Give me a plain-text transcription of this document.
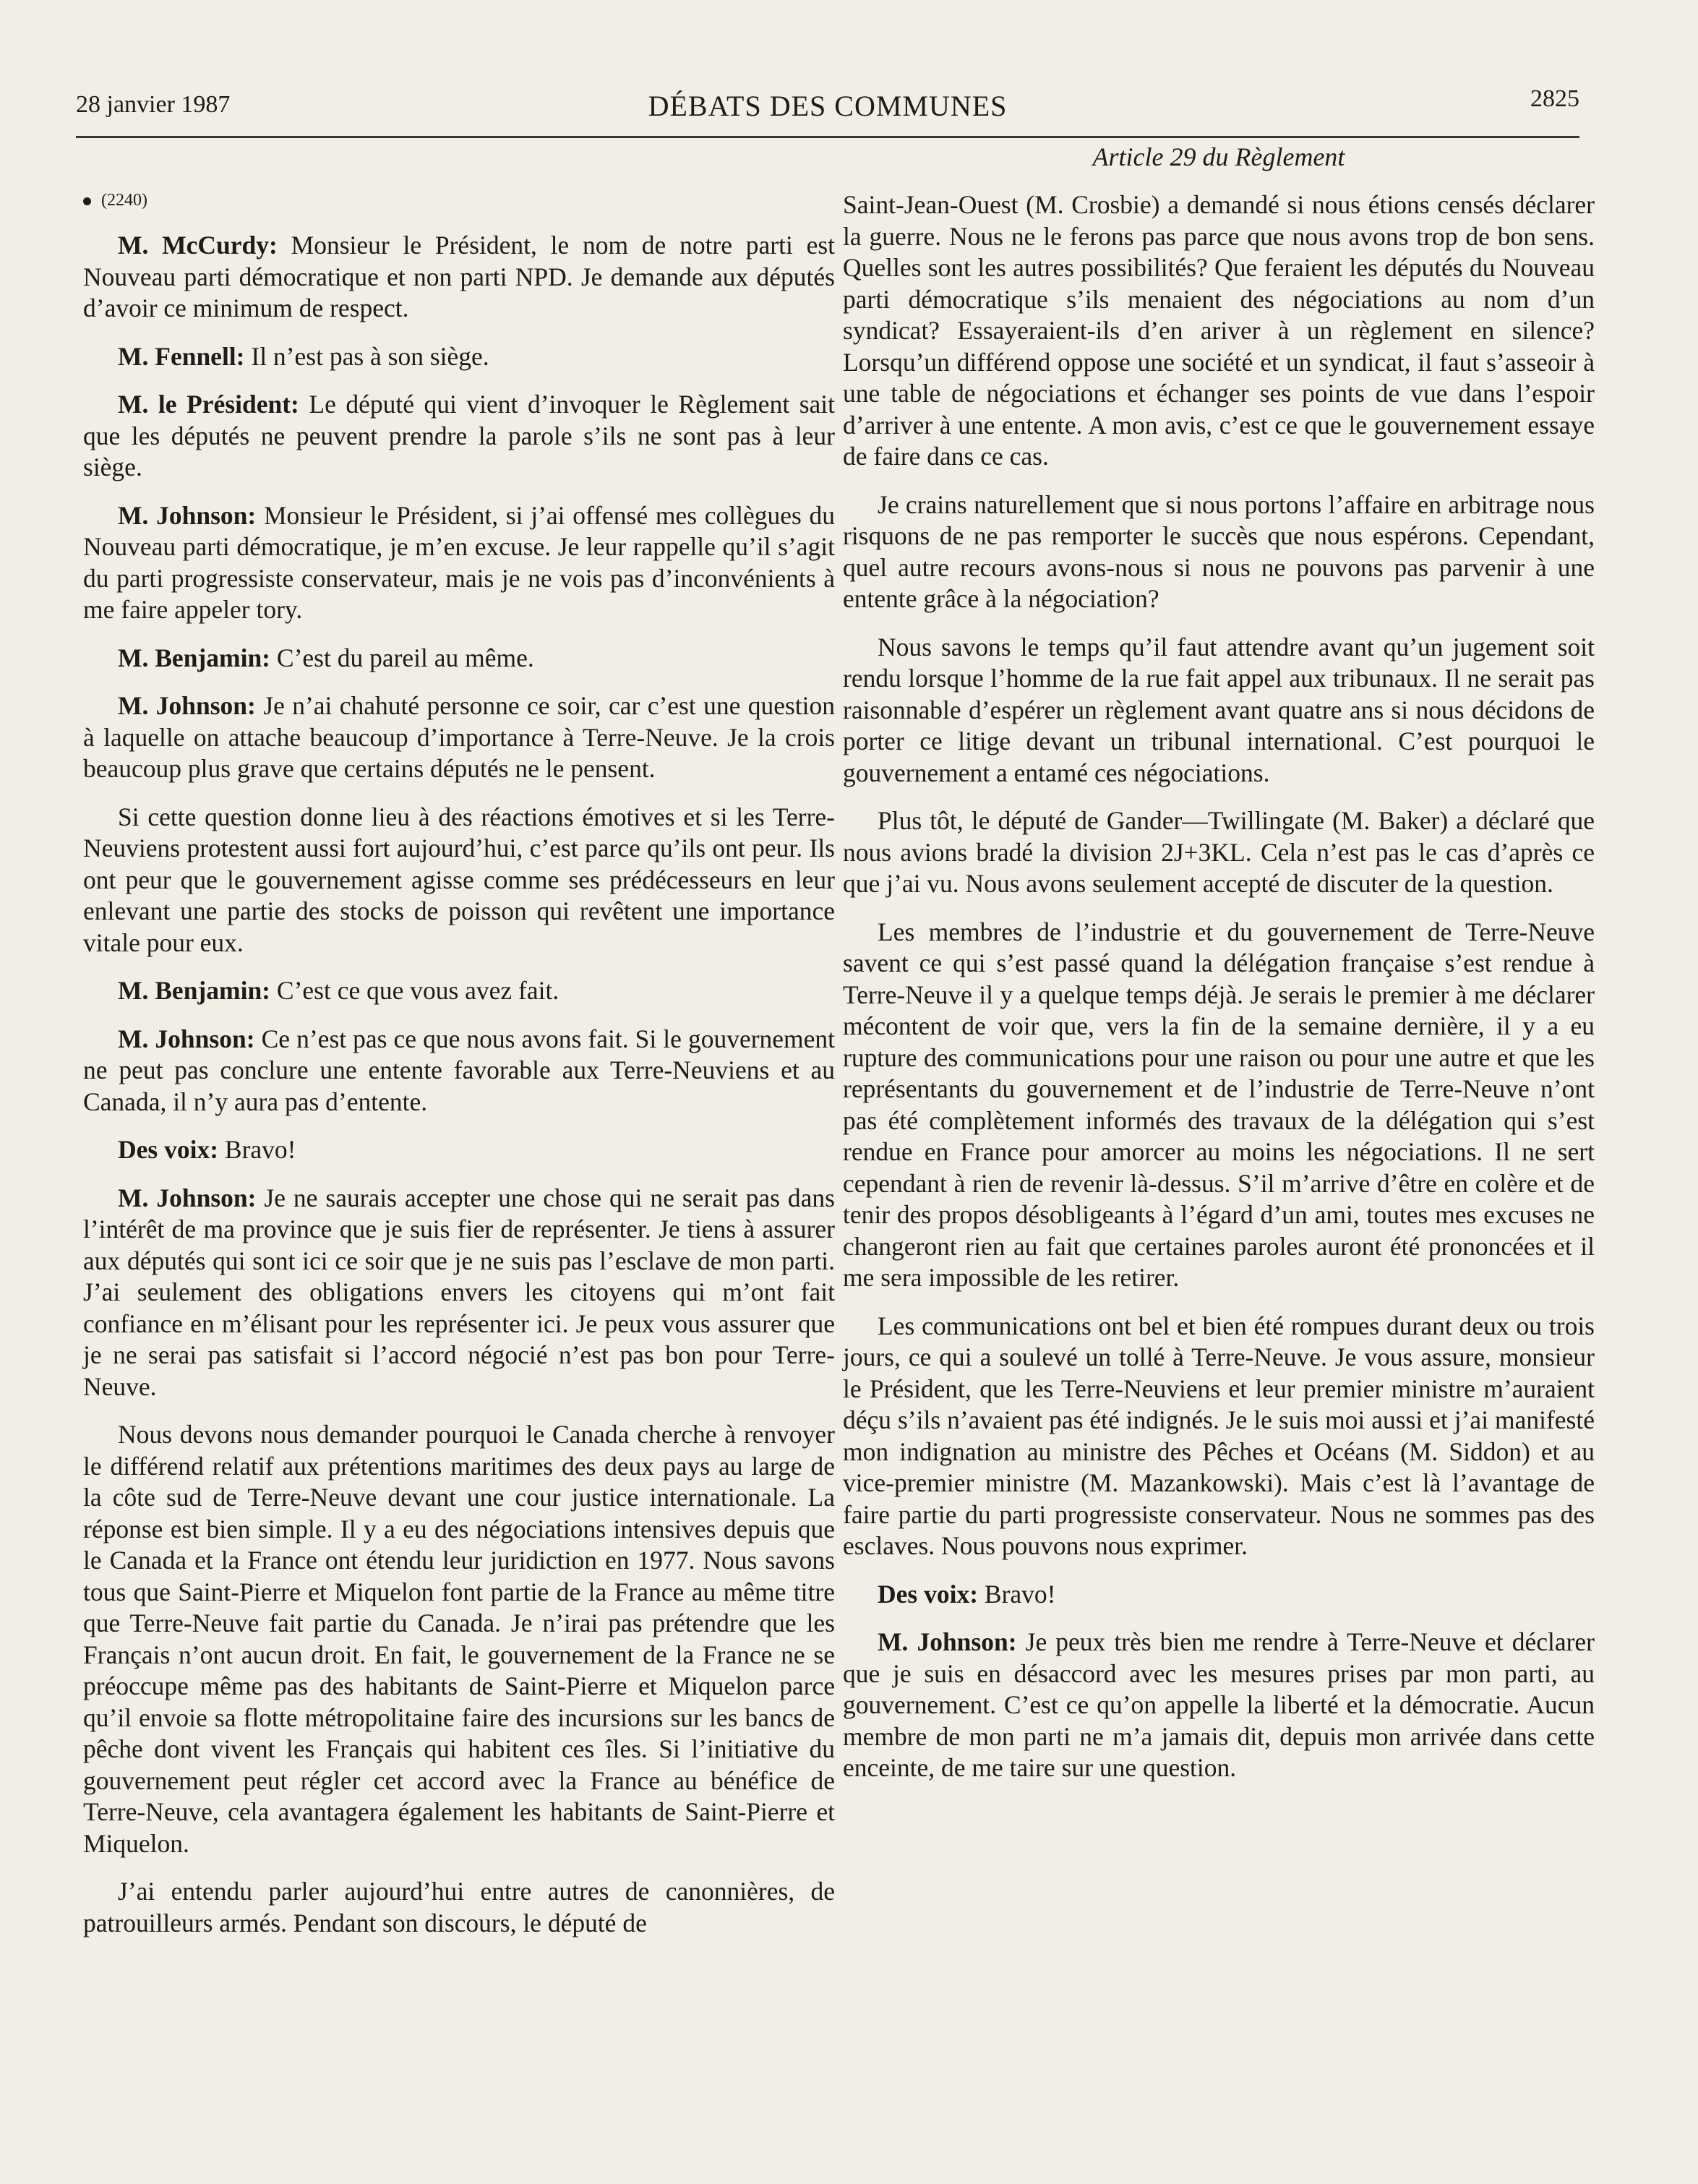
28 janvier 1987	DÉBATS DES COMMUNES	2825
Article 29 du Règlement
(2240)

M. McCurdy: Monsieur le Président, le nom de notre parti est Nouveau parti démocratique et non parti NPD. Je demande aux députés d’avoir ce minimum de respect.

M. Fennell: Il n’est pas à son siège.

M. le Président: Le député qui vient d’invoquer le Règlement sait que les députés ne peuvent prendre la parole s’ils ne sont pas à leur siège.

M. Johnson: Monsieur le Président, si j’ai offensé mes collègues du Nouveau parti démocratique, je m’en excuse. Je leur rappelle qu’il s’agit du parti progressiste conservateur, mais je ne vois pas d’inconvénients à me faire appeler tory.

M. Benjamin: C’est du pareil au même.

M. Johnson: Je n’ai chahuté personne ce soir, car c’est une question à laquelle on attache beaucoup d’importance à Terre-Neuve. Je la crois beaucoup plus grave que certains députés ne le pensent.

Si cette question donne lieu à des réactions émotives et si les Terre-Neuviens protestent aussi fort aujourd’hui, c’est parce qu’ils ont peur. Ils ont peur que le gouvernement agisse comme ses prédécesseurs en leur enlevant une partie des stocks de poisson qui revêtent une importance vitale pour eux.

M. Benjamin: C’est ce que vous avez fait.

M. Johnson: Ce n’est pas ce que nous avons fait. Si le gouvernement ne peut pas conclure une entente favorable aux Terre-Neuviens et au Canada, il n’y aura pas d’entente.

Des voix: Bravo!

M. Johnson: Je ne saurais accepter une chose qui ne serait pas dans l’intérêt de ma province que je suis fier de représenter. Je tiens à assurer aux députés qui sont ici ce soir que je ne suis pas l’esclave de mon parti. J’ai seulement des obligations envers les citoyens qui m’ont fait confiance en m’élisant pour les représenter ici. Je peux vous assurer que je ne serai pas satisfait si l’accord négocié n’est pas bon pour Terre-Neuve.

Nous devons nous demander pourquoi le Canada cherche à renvoyer le différend relatif aux prétentions maritimes des deux pays au large de la côte sud de Terre-Neuve devant une cour justice internationale. La réponse est bien simple. Il y a eu des négociations intensives depuis que le Canada et la France ont étendu leur juridiction en 1977. Nous savons tous que Saint-Pierre et Miquelon font partie de la France au même titre que Terre-Neuve fait partie du Canada. Je n’irai pas prétendre que les Français n’ont aucun droit. En fait, le gouvernement de la France ne se préoccupe même pas des habitants de Saint-Pierre et Miquelon parce qu’il envoie sa flotte métropolitaine faire des incursions sur les bancs de pêche dont vivent les Français qui habitent ces îles. Si l’initiative du gouvernement peut régler cet accord avec la France au bénéfice de Terre-Neuve, cela avantagera également les habitants de Saint-Pierre et Miquelon.

J’ai entendu parler aujourd’hui entre autres de canonnières, de patrouilleurs armés. Pendant son discours, le député de

Saint-Jean-Ouest (M. Crosbie) a demandé si nous étions censés déclarer la guerre. Nous ne le ferons pas parce que nous avons trop de bon sens. Quelles sont les autres possibilités? Que feraient les députés du Nouveau parti démocratique s’ils menaient des négociations au nom d’un syndicat? Essayeraient-ils d’en ariver à un règlement en silence? Lorsqu’un différend oppose une société et un syndicat, il faut s’asseoir à une table de négociations et échanger ses points de vue dans l’espoir d’arriver à une entente. A mon avis, c’est ce que le gouvernement essaye de faire dans ce cas.

Je crains naturellement que si nous portons l’affaire en arbitrage nous risquons de ne pas remporter le succès que nous espérons. Cependant, quel autre recours avons-nous si nous ne pouvons pas parvenir à une entente grâce à la négociation?

Nous savons le temps qu’il faut attendre avant qu’un jugement soit rendu lorsque l’homme de la rue fait appel aux tribunaux. Il ne serait pas raisonnable d’espérer un règlement avant quatre ans si nous décidons de porter ce litige devant un tribunal international. C’est pourquoi le gouvernement a entamé ces négociations.

Plus tôt, le député de Gander—Twillingate (M. Baker) a déclaré que nous avions bradé la division 2J+3KL. Cela n’est pas le cas d’après ce que j’ai vu. Nous avons seulement accepté de discuter de la question.

Les membres de l’industrie et du gouvernement de Terre-Neuve savent ce qui s’est passé quand la délégation française s’est rendue à Terre-Neuve il y a quelque temps déjà. Je serais le premier à me déclarer mécontent de voir que, vers la fin de la semaine dernière, il y a eu rupture des communications pour une raison ou pour une autre et que les représentants du gouvernement et de l’industrie de Terre-Neuve n’ont pas été complètement informés des travaux de la délégation qui s’est rendue en France pour amorcer au moins les négociations. Il ne sert cependant à rien de revenir là-dessus. S’il m’arrive d’être en colère et de tenir des propos désobligeants à l’égard d’un ami, toutes mes excuses ne changeront rien au fait que certaines paroles auront été prononcées et il me sera impossible de les retirer.

Les communications ont bel et bien été rompues durant deux ou trois jours, ce qui a soulevé un tollé à Terre-Neuve. Je vous assure, monsieur le Président, que les Terre-Neuviens et leur premier ministre m’auraient déçu s’ils n’avaient pas été indignés. Je le suis moi aussi et j’ai manifesté mon indignation au ministre des Pêches et Océans (M. Siddon) et au vice-premier ministre (M. Mazankowski). Mais c’est là l’avantage de faire partie du parti progressiste conservateur. Nous ne sommes pas des esclaves. Nous pouvons nous exprimer.

Des voix: Bravo!

M. Johnson: Je peux très bien me rendre à Terre-Neuve et déclarer que je suis en désaccord avec les mesures prises par mon parti, au gouvernement. C’est ce qu’on appelle la liberté et la démocratie. Aucun membre de mon parti ne m’a jamais dit, depuis mon arrivée dans cette enceinte, de me taire sur une question.
